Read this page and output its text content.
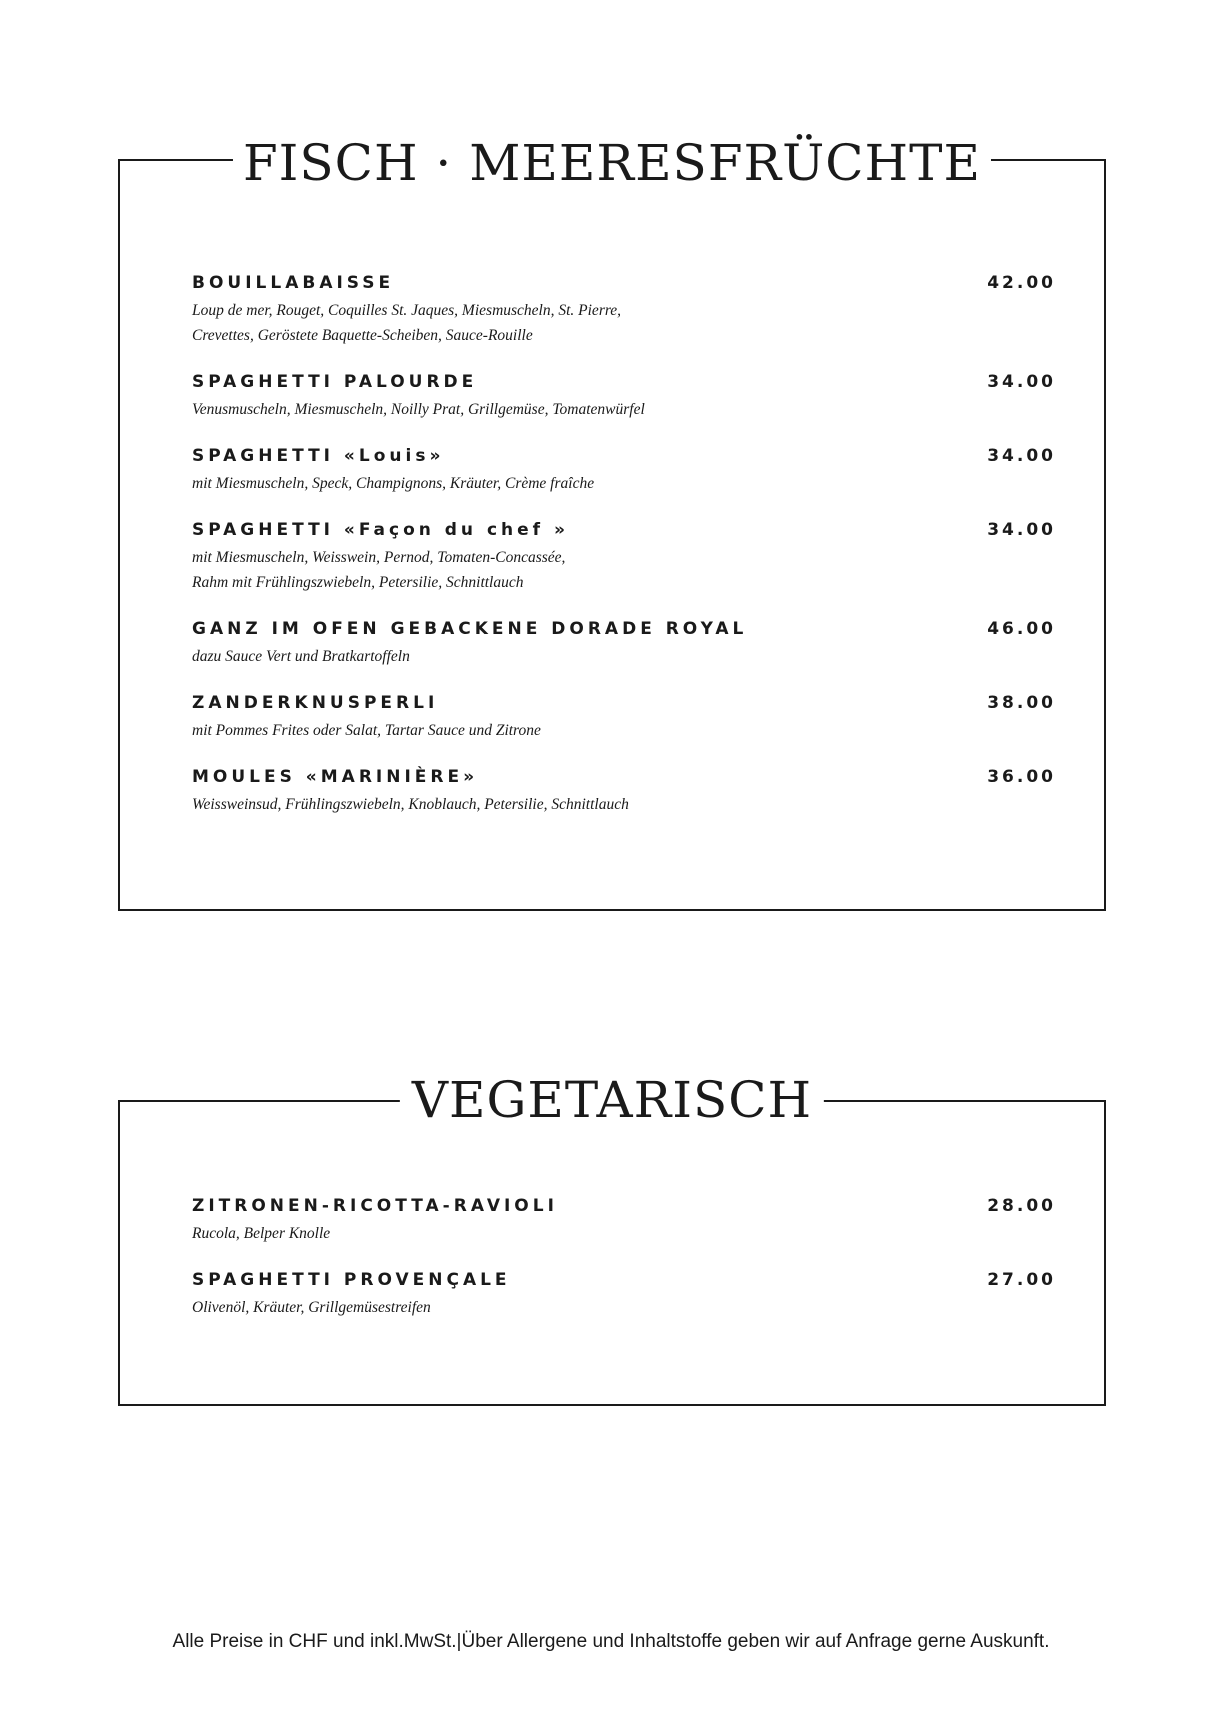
FISCH · MEERESFRÜCHTE
BOUILLABAISSE	42.00
Loup de mer, Rouget, Coquilles St. Jaques, Miesmuscheln, St. Pierre,
Crevettes, Geröstete Baquette-Scheiben, Sauce-Rouille
SPAGHETTI PALOURDE	34.00
Venusmuscheln, Miesmuscheln, Noilly Prat, Grillgemüse, Tomatenwürfel
SPAGHETTI «Louis»	34.00
mit Miesmuscheln, Speck, Champignons, Kräuter, Crème fraîche
SPAGHETTI «Façon du chef »	34.00
mit Miesmuscheln, Weisswein, Pernod, Tomaten-Concassée,
Rahm mit Frühlingszwiebeln, Petersilie, Schnittlauch
GANZ IM OFEN GEBACKENE DORADE ROYAL	46.00
dazu Sauce Vert und Bratkartoffeln
ZANDERKNUSPERLI	38.00
mit Pommes Frites oder Salat, Tartar Sauce und Zitrone
MOULES «MARINIÈRE»	36.00
Weissweinsud, Frühlingszwiebeln, Knoblauch, Petersilie, Schnittlauch
VEGETARISCH
ZITRONEN-RICOTTA-RAVIOLI	28.00
Rucola, Belper Knolle
SPAGHETTI PROVENÇALE	27.00
Olivenöl, Kräuter, Grillgemüsestreifen
Alle Preise in CHF und inkl.MwSt.|Über Allergene und Inhaltstoffe geben wir auf Anfrage gerne Auskunft.
